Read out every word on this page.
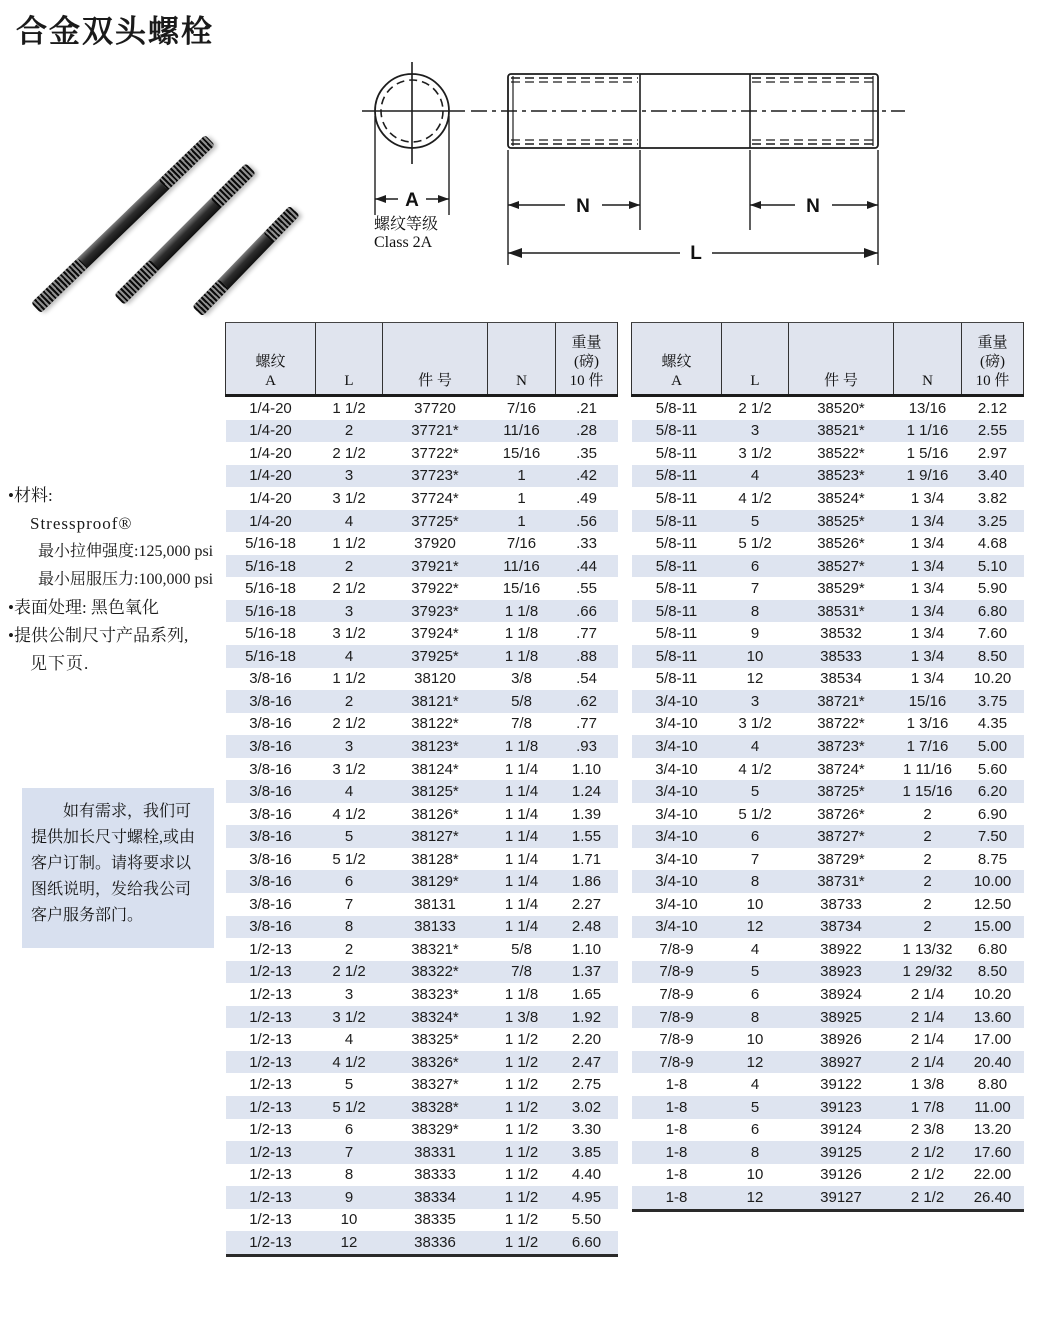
合金双头螺栓
A
螺纹等级
Class 2A
N	N
L
•材料:
Stressproof®
最小拉伸强度:125,000 psi
最小屈服压力:100,000 psi
•表面处理: 黑色氧化
•提供公制尺寸产品系列,
见下页.
如有需求，我们可提供加长尺寸螺栓,或由客户订制。请将要求以图纸说明，发给我公司客户服务部门。
螺纹
A	L	件 号	N	
重量
(磅)
10 件

1/4-20	1 1/2	37720	7/16	.21
1/4-20	2	37721*	11/16	.28
1/4-20	2 1/2	37722*	15/16	.35
1/4-20	3	37723*	1	.42
1/4-20	3 1/2	37724*	1	.49
1/4-20	4	37725*	1	.56
5/16-18	1 1/2	37920	7/16	.33
5/16-18	2	37921*	11/16	.44
5/16-18	2 1/2	37922*	15/16	.55
5/16-18	3	37923*	1 1/8	.66
5/16-18	3 1/2	37924*	1 1/8	.77
5/16-18	4	37925*	1 1/8	.88
3/8-16	1 1/2	38120	3/8	.54
3/8-16	2	38121*	5/8	.62
3/8-16	2 1/2	38122*	7/8	.77
3/8-16	3	38123*	1 1/8	.93
3/8-16	3 1/2	38124*	1 1/4	1.10
3/8-16	4	38125*	1 1/4	1.24
3/8-16	4 1/2	38126*	1 1/4	1.39
3/8-16	5	38127*	1 1/4	1.55
3/8-16	5 1/2	38128*	1 1/4	1.71
3/8-16	6	38129*	1 1/4	1.86
3/8-16	7	38131	1 1/4	2.27
3/8-16	8	38133	1 1/4	2.48
1/2-13	2	38321*	5/8	1.10
1/2-13	2 1/2	38322*	7/8	1.37
1/2-13	3	38323*	1 1/8	1.65
1/2-13	3 1/2	38324*	1 3/8	1.92
1/2-13	4	38325*	1 1/2	2.20
1/2-13	4 1/2	38326*	1 1/2	2.47
1/2-13	5	38327*	1 1/2	2.75
1/2-13	5 1/2	38328*	1 1/2	3.02
1/2-13	6	38329*	1 1/2	3.30
1/2-13	7	38331	1 1/2	3.85
1/2-13	8	38333	1 1/2	4.40
1/2-13	9	38334	1 1/2	4.95
1/2-13	10	38335	1 1/2	5.50
1/2-13	12	38336	1 1/2	6.60
螺纹
A	L	件 号	N	
重量
(磅)
10 件

5/8-11	2 1/2	38520*	13/16	2.12
5/8-11	3	38521*	1 1/16	2.55
5/8-11	3 1/2	38522*	1 5/16	2.97
5/8-11	4	38523*	1 9/16	3.40
5/8-11	4 1/2	38524*	1 3/4	3.82
5/8-11	5	38525*	1 3/4	3.25
5/8-11	5 1/2	38526*	1 3/4	4.68
5/8-11	6	38527*	1 3/4	5.10
5/8-11	7	38529*	1 3/4	5.90
5/8-11	8	38531*	1 3/4	6.80
5/8-11	9	38532	1 3/4	7.60
5/8-11	10	38533	1 3/4	8.50
5/8-11	12	38534	1 3/4	10.20
3/4-10	3	38721*	15/16	3.75
3/4-10	3 1/2	38722*	1 3/16	4.35
3/4-10	4	38723*	1 7/16	5.00
3/4-10	4 1/2	38724*	1 11/16	5.60
3/4-10	5	38725*	1 15/16	6.20
3/4-10	5 1/2	38726*	2	6.90
3/4-10	6	38727*	2	7.50
3/4-10	7	38729*	2	8.75
3/4-10	8	38731*	2	10.00
3/4-10	10	38733	2	12.50
3/4-10	12	38734	2	15.00
7/8-9	4	38922	1 13/32	6.80
7/8-9	5	38923	1 29/32	8.50
7/8-9	6	38924	2 1/4	10.20
7/8-9	8	38925	2 1/4	13.60
7/8-9	10	38926	2 1/4	17.00
7/8-9	12	38927	2 1/4	20.40
1-8	4	39122	1 3/8	8.80
1-8	5	39123	1 7/8	11.00
1-8	6	39124	2 3/8	13.20
1-8	8	39125	2 1/2	17.60
1-8	10	39126	2 1/2	22.00
1-8	12	39127	2 1/2	26.40
